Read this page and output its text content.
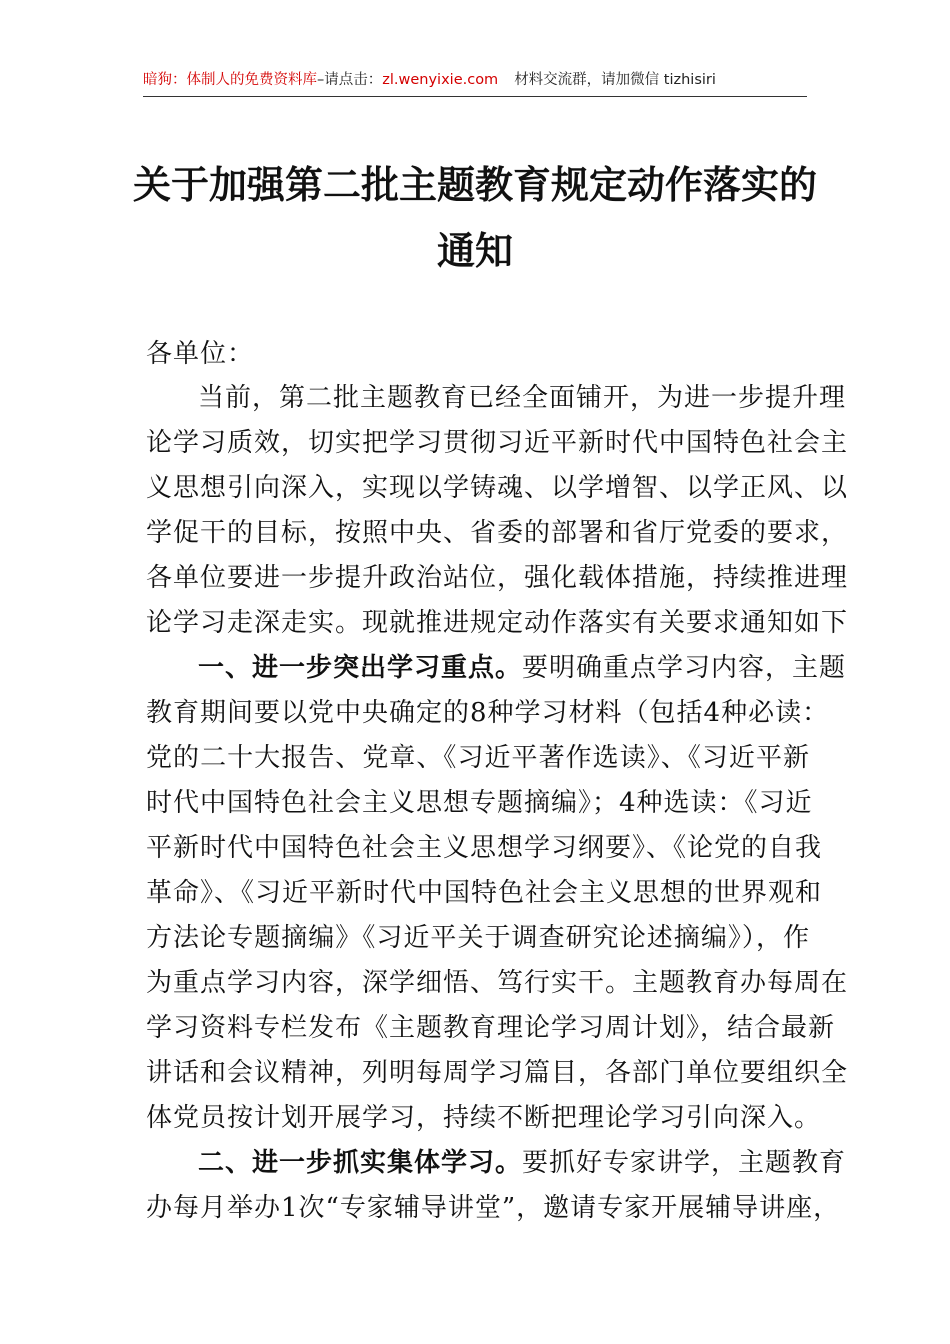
暗狗：体制人的免费资料库–请点击：zl.wenyixie.com 材料交流群，请加微信 tizhisiri
关于加强第二批主题教育规定动作落实的
通知
各单位：
当前，第二批主题教育已经全面铺开，为进一步提升理
论学习质效，切实把学习贯彻习近平新时代中国特色社会主
义思想引向深入，实现以学铸魂、以学增智、以学正风、以
学促干的目标，按照中央、省委的部署和省厅党委的要求，
各单位要进一步提升政治站位，强化载体措施，持续推进理
论学习走深走实。现就推进规定动作落实有关要求通知如下
一、进一步突出学习重点。要明确重点学习内容，主题
教育期间要以党中央确定的8种学习材料（包括4种必读：
党的二十大报告、党章、《习近平著作选读》、《习近平新
时代中国特色社会主义思想专题摘编》；4种选读：《习近
平新时代中国特色社会主义思想学习纲要》、《论党的自我
革命》、《习近平新时代中国特色社会主义思想的世界观和
方法论专题摘编》《习近平关于调查研究论述摘编》），作
为重点学习内容，深学细悟、笃行实干。主题教育办每周在
学习资料专栏发布《主题教育理论学习周计划》，结合最新
讲话和会议精神，列明每周学习篇目，各部门单位要组织全
体党员按计划开展学习，持续不断把理论学习引向深入。
二、进一步抓实集体学习。要抓好专家讲学，主题教育
办每月举办1次“专家辅导讲堂”，邀请专家开展辅导讲座，
